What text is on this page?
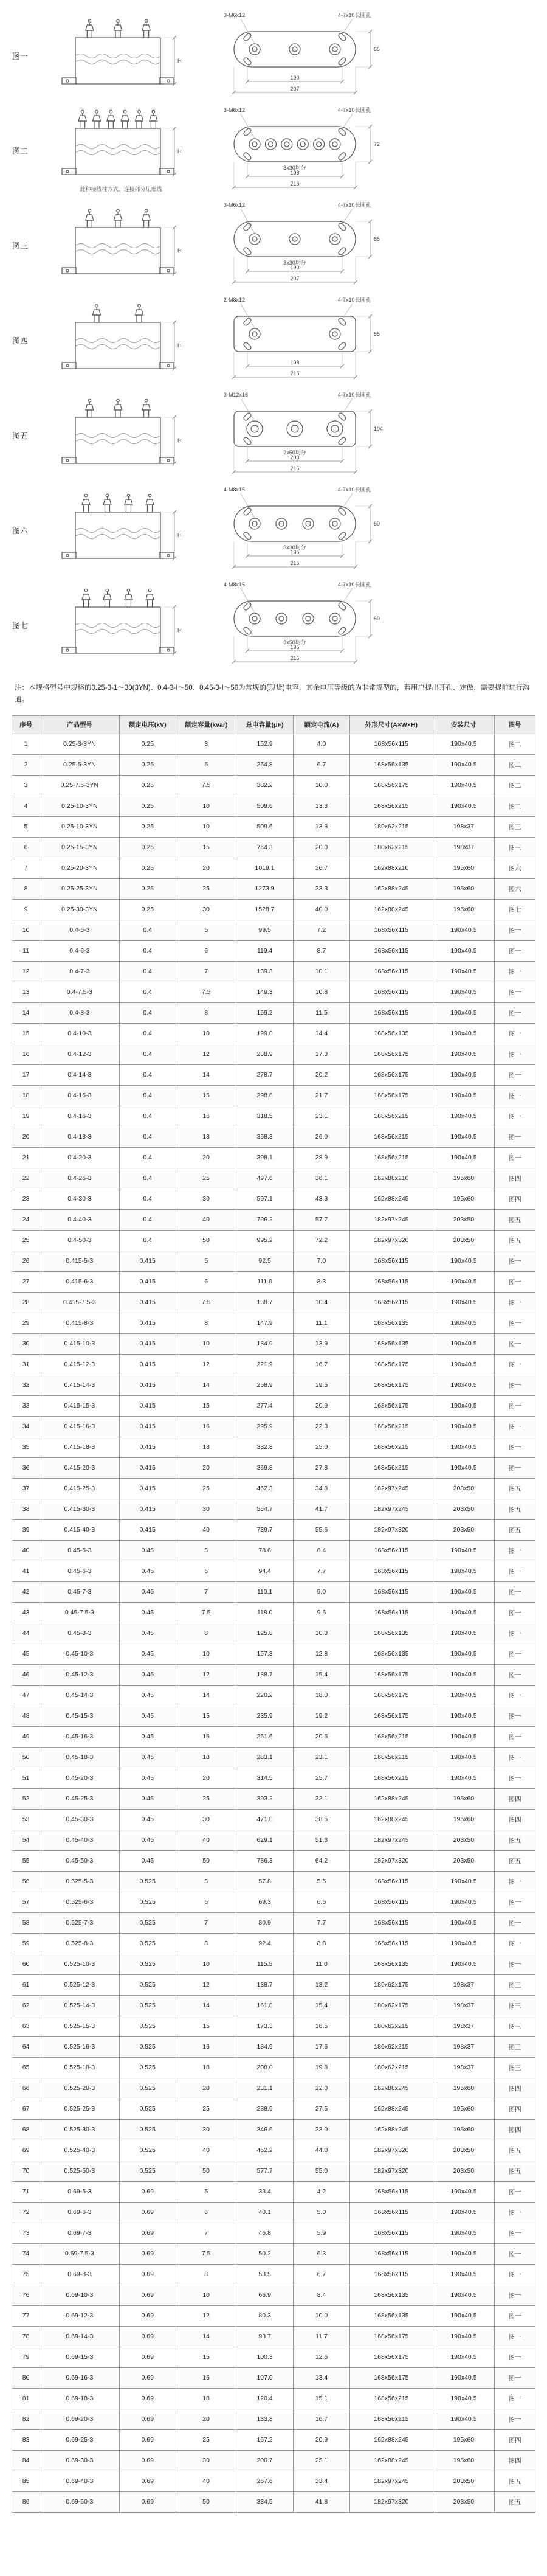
图一
H
190
207
65
3-M6x12	4-7x10长圆孔
图二	H
此种接线柱方式，连接部分见虚线
3x30均分
198
216
72
3-M6x12	4-7x10长圆孔
图三
H
3x30均分
190
207
65
3-M6x12	4-7x10长圆孔
图四
H
198
215
55
2-M8x12	4-7x10长圆孔
图五
H
2x50均分
203
215
104
3-M12x16	4-7x10长圆孔
图六
H
3x30均分
195
215
60
4-M8x15	4-7x10长圆孔
图七
H
3x50均分
195
215
60
4-M8x15	4-7x10长圆孔

注：本规格型号中规格的0.25-3-1～30(3YN)、0.4-3-I～50、0.45-3-I～50为常规的(现货)电容，其余电压等级的为非常规型的，若用户提出开孔、定做，需要提前进行沟通。

序号	产品型号	额定电压(kV)	额定容量(kvar)	总电容量(μF)	额定电流(A)	外形尺寸(A×W×H)	安装尺寸	图号
1	0.25-3-3YN	0.25	3	152.9	4.0	168x56x115	190x40.5	图二
2	0.25-5-3YN	0.25	5	254.8	6.7	168x56x135	190x40.5	图二
3	0.25-7.5-3YN	0.25	7.5	382.2	10.0	168x56x175	190x40.5	图二
4	0.25-10-3YN	0.25	10	509.6	13.3	168x56x215	190x40.5	图二
5	0.25-10-3YN	0.25	10	509.6	13.3	180x62x215	198x37	图三
6	0.25-15-3YN	0.25	15	764.3	20.0	180x62x215	198x37	图三
7	0.25-20-3YN	0.25	20	1019.1	26.7	162x88x210	195x60	图六
8	0.25-25-3YN	0.25	25	1273.9	33.3	162x88x245	195x60	图六
9	0.25-30-3YN	0.25	30	1528.7	40.0	162x88x245	195x60	图七
10	0.4-5-3	0.4	5	99.5	7.2	168x56x115	190x40.5	图一
11	0.4-6-3	0.4	6	119.4	8.7	168x56x115	190x40.5	图一
12	0.4-7-3	0.4	7	139.3	10.1	168x56x115	190x40.5	图一
13	0.4-7.5-3	0.4	7.5	149.3	10.8	168x56x115	190x40.5	图一
14	0.4-8-3	0.4	8	159.2	11.5	168x56x115	190x40.5	图一
15	0.4-10-3	0.4	10	199.0	14.4	168x56x135	190x40.5	图一
16	0.4-12-3	0.4	12	238.9	17.3	168x56x175	190x40.5	图一
17	0.4-14-3	0.4	14	278.7	20.2	168x56x175	190x40.5	图一
18	0.4-15-3	0.4	15	298.6	21.7	168x56x175	190x40.5	图一
19	0.4-16-3	0.4	16	318.5	23.1	168x56x215	190x40.5	图一
20	0.4-18-3	0.4	18	358.3	26.0	168x56x215	190x40.5	图一
21	0.4-20-3	0.4	20	398.1	28.9	168x56x215	190x40.5	图一
22	0.4-25-3	0.4	25	497.6	36.1	162x88x210	195x60	图四
23	0.4-30-3	0.4	30	597.1	43.3	162x88x245	195x60	图四
24	0.4-40-3	0.4	40	796.2	57.7	182x97x245	203x50	图五
25	0.4-50-3	0.4	50	995.2	72.2	182x97x320	203x50	图五
26	0.415-5-3	0.415	5	92.5	7.0	168x56x115	190x40.5	图一
27	0.415-6-3	0.415	6	111.0	8.3	168x56x115	190x40.5	图一
28	0.415-7.5-3	0.415	7.5	138.7	10.4	168x56x115	190x40.5	图一
29	0.415-8-3	0.415	8	147.9	11.1	168x56x135	190x40.5	图一
30	0.415-10-3	0.415	10	184.9	13.9	168x56x135	190x40.5	图一
31	0.415-12-3	0.415	12	221.9	16.7	168x56x175	190x40.5	图一
32	0.415-14-3	0.415	14	258.9	19.5	168x56x175	190x40.5	图一
33	0.415-15-3	0.415	15	277.4	20.9	168x56x175	190x40.5	图一
34	0.415-16-3	0.415	16	295.9	22.3	168x56x215	190x40.5	图一
35	0.415-18-3	0.415	18	332.8	25.0	168x56x215	190x40.5	图一
36	0.415-20-3	0.415	20	369.8	27.8	168x56x215	190x40.5	图一
37	0.415-25-3	0.415	25	462.3	34.8	182x97x245	203x50	图五
38	0.415-30-3	0.415	30	554.7	41.7	182x97x245	203x50	图五
39	0.415-40-3	0.415	40	739.7	55.6	182x97x320	203x50	图五
40	0.45-5-3	0.45	5	78.6	6.4	168x56x115	190x40.5	图一
41	0.45-6-3	0.45	6	94.4	7.7	168x56x115	190x40.5	图一
42	0.45-7-3	0.45	7	110.1	9.0	168x56x115	190x40.5	图一
43	0.45-7.5-3	0.45	7.5	118.0	9.6	168x56x115	190x40.5	图一
44	0.45-8-3	0.45	8	125.8	10.3	168x56x135	190x40.5	图一
45	0.45-10-3	0.45	10	157.3	12.8	168x56x135	190x40.5	图一
46	0.45-12-3	0.45	12	188.7	15.4	168x56x175	190x40.5	图一
47	0.45-14-3	0.45	14	220.2	18.0	168x56x175	190x40.5	图一
48	0.45-15-3	0.45	15	235.9	19.2	168x56x175	190x40.5	图一
49	0.45-16-3	0.45	16	251.6	20.5	168x56x215	190x40.5	图一
50	0.45-18-3	0.45	18	283.1	23.1	168x56x215	190x40.5	图一
51	0.45-20-3	0.45	20	314.5	25.7	168x56x215	190x40.5	图一
52	0.45-25-3	0.45	25	393.2	32.1	162x88x245	195x60	图四
53	0.45-30-3	0.45	30	471.8	38.5	162x88x245	195x60	图四
54	0.45-40-3	0.45	40	629.1	51.3	182x97x245	203x50	图五
55	0.45-50-3	0.45	50	786.3	64.2	182x97x320	203x50	图五
56	0.525-5-3	0.525	5	57.8	5.5	168x56x115	190x40.5	图一
57	0.525-6-3	0.525	6	69.3	6.6	168x56x115	190x40.5	图一
58	0.525-7-3	0.525	7	80.9	7.7	168x56x115	190x40.5	图一
59	0.525-8-3	0.525	8	92.4	8.8	168x56x115	190x40.5	图一
60	0.525-10-3	0.525	10	115.5	11.0	168x56x135	190x40.5	图一
61	0.525-12-3	0.525	12	138.7	13.2	180x62x175	198x37	图三
62	0.525-14-3	0.525	14	161.8	15.4	180x62x175	198x37	图三
63	0.525-15-3	0.525	15	173.3	16.5	180x62x215	198x37	图三
64	0.525-16-3	0.525	16	184.9	17.6	180x62x215	198x37	图三
65	0.525-18-3	0.525	18	208.0	19.8	180x62x215	198x37	图三
66	0.525-20-3	0.525	20	231.1	22.0	162x88x245	195x60	图四
67	0.525-25-3	0.525	25	288.9	27.5	162x88x245	195x60	图四
68	0.525-30-3	0.525	30	346.6	33.0	162x88x245	195x60	图四
69	0.525-40-3	0.525	40	462.2	44.0	182x97x320	203x50	图五
70	0.525-50-3	0.525	50	577.7	55.0	182x97x320	203x50	图五
71	0.69-5-3	0.69	5	33.4	4.2	168x56x115	190x40.5	图一
72	0.69-6-3	0.69	6	40.1	5.0	168x56x115	190x40.5	图一
73	0.69-7-3	0.69	7	46.8	5.9	168x56x115	190x40.5	图一
74	0.69-7.5-3	0.69	7.5	50.2	6.3	168x56x115	190x40.5	图一
75	0.69-8-3	0.69	8	53.5	6.7	168x56x115	190x40.5	图一
76	0.69-10-3	0.69	10	66.9	8.4	168x56x135	190x40.5	图一
77	0.69-12-3	0.69	12	80.3	10.0	168x56x135	190x40.5	图一
78	0.69-14-3	0.69	14	93.7	11.7	168x56x175	190x40.5	图一
79	0.69-15-3	0.69	15	100.3	12.6	168x56x175	190x40.5	图一
80	0.69-16-3	0.69	16	107.0	13.4	168x56x175	190x40.5	图一
81	0.69-18-3	0.69	18	120.4	15.1	168x56x215	190x40.5	图一
82	0.69-20-3	0.69	20	133.8	16.7	168x56x215	190x40.5	图一
83	0.69-25-3	0.69	25	167.2	20.9	162x88x245	195x60	图四
84	0.69-30-3	0.69	30	200.7	25.1	162x88x245	195x60	图四
85	0.69-40-3	0.69	40	267.6	33.4	182x97x245	203x50	图五
86	0.69-50-3	0.69	50	334.5	41.8	182x97x320	203x50	图五
